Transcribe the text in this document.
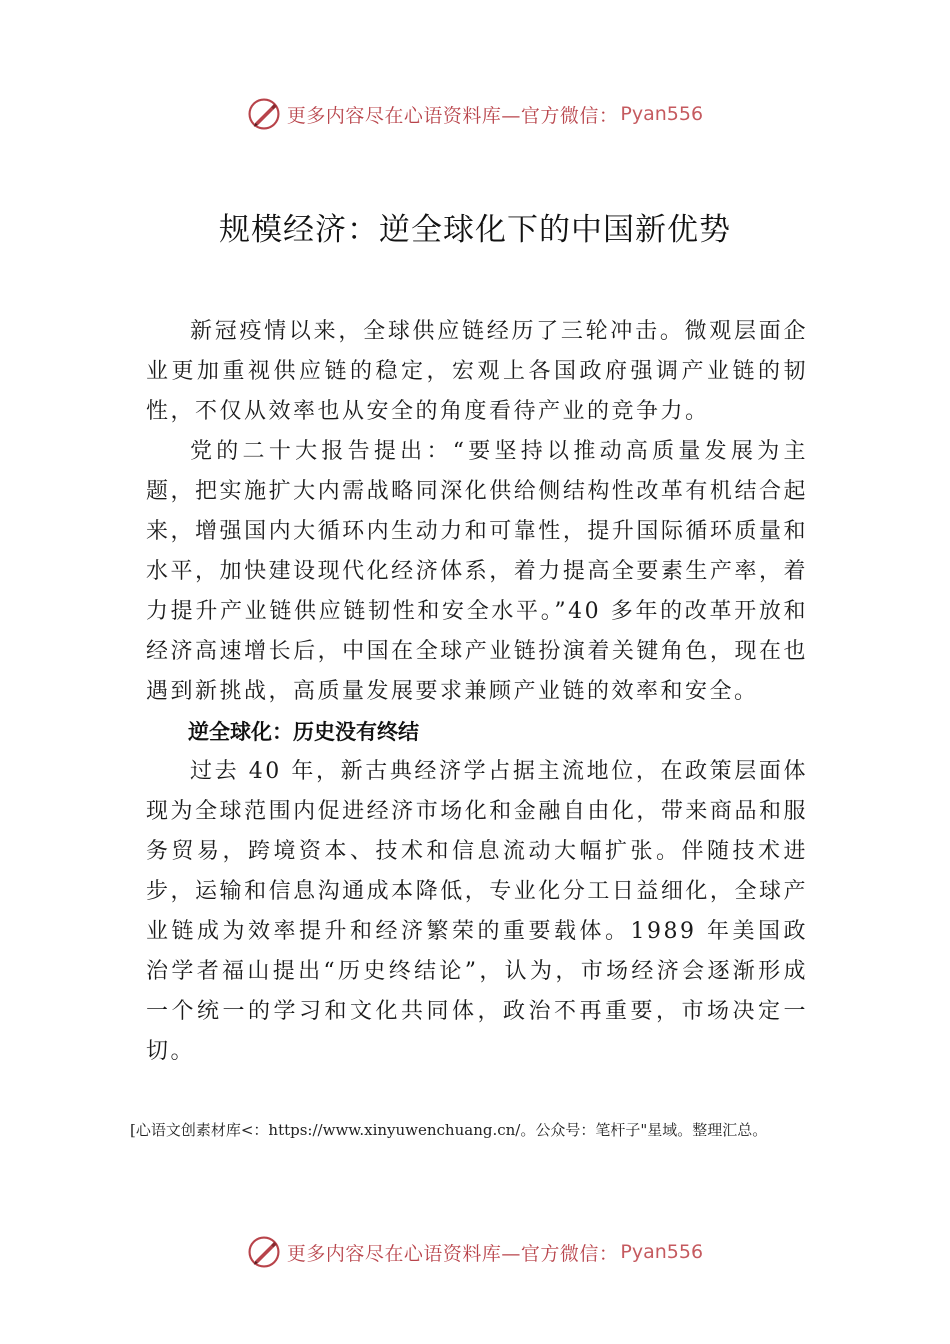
更多内容尽在心语资料库—官方微信： Pyan556
规模经济：逆全球化下的中国新优势

新冠疫情以来，全球供应链经历了三轮冲击。微观层面企业更加重视供应链的稳定，宏观上各国政府强调产业链的韧性，不仅从效率也从安全的角度看待产业的竞争力。

党的二十大报告提出：“要坚持以推动高质量发展为主题，把实施扩大内需战略同深化供给侧结构性改革有机结合起来，增强国内大循环内生动力和可靠性，提升国际循环质量和水平，加快建设现代化经济体系，着力提高全要素生产率，着力提升产业链供应链韧性和安全水平。”40 多年的改革开放和经济高速增长后，中国在全球产业链扮演着关键角色，现在也遇到新挑战，高质量发展要求兼顾产业链的效率和安全。

逆全球化：历史没有终结

过去 40 年，新古典经济学占据主流地位，在政策层面体现为全球范围内促进经济市场化和金融自由化，带来商品和服务贸易，跨境资本、技术和信息流动大幅扩张。伴随技术进步，运输和信息沟通成本降低，专业化分工日益细化，全球产业链成为效率提升和经济繁荣的重要载体。1989 年美国政治学者福山提出“历史终结论”，认为，市场经济会逐渐形成一个统一的学习和文化共同体，政治不再重要，市场决定一切。

[心语文创素材库<：https://www.xinyuwenchuang.cn/。公众号：笔杆子"星域。整理汇总。
更多内容尽在心语资料库—官方微信： Pyan556
